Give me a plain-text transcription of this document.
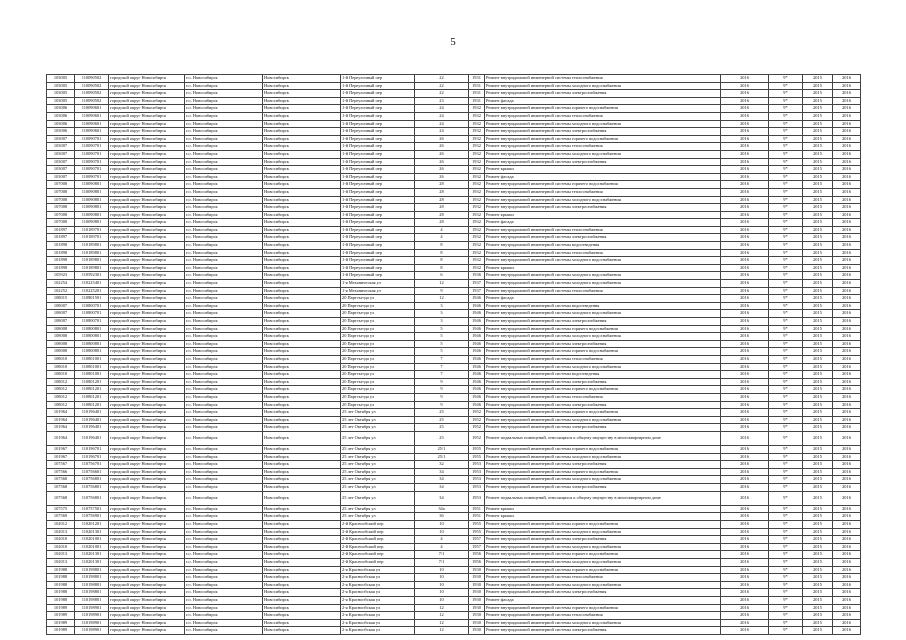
5
103005	110090502	городской округ Новосибирск	г.о. Новосибирск	Новосибирск	1-й Переулочный пер	22	1931	Ремонт внутридомовой инженерной системы теплоснабжения	2016	9*	2015	2016
103005	110090502	городской округ Новосибирск	г.о. Новосибирск	Новосибирск	1-й Переулочный пер	22	1931	Ремонт внутридомовой инженерной системы холодного водоснабжения	2016	9*	2015	2016
103005	110090502	городской округ Новосибирск	г.о. Новосибирск	Новосибирск	1-й Переулочный пер	22	1931	Ремонт внутридомовой инженерной системы электроснабжения	2016	9*	2015	2016
103005	110090502	городской округ Новосибирск	г.о. Новосибирск	Новосибирск	1-й Переулочный пер	23	1931	Ремонт фасада	2016	9*	2015	2016
103006	110090601	городской округ Новосибирск	г.о. Новосибирск	Новосибирск	1-й Переулочный пер	24	1932	Ремонт внутридомовой инженерной системы горячего водоснабжения	2016	9*	2015	2016
103006	110090601	городской округ Новосибирск	г.о. Новосибирск	Новосибирск	1-й Переулочный пер	24	1932	Ремонт внутридомовой инженерной системы теплоснабжения	2016	9*	2015	2016
103006	110090601	городской округ Новосибирск	г.о. Новосибирск	Новосибирск	1-й Переулочный пер	24	1932	Ремонт внутридомовой инженерной системы холодного водоснабжения	2016	9*	2015	2016
103006	110090601	городской округ Новосибирск	г.о. Новосибирск	Новосибирск	1-й Переулочный пер	24	1932	Ремонт внутридомовой инженерной системы электроснабжения	2016	9*	2015	2016
103007	110090701	городской округ Новосибирск	г.о. Новосибирск	Новосибирск	1-й Переулочный пер	26	1932	Ремонт внутридомовой инженерной системы горячего водоснабжения	2016	9*	2015	2016
103007	110090701	городской округ Новосибирск	г.о. Новосибирск	Новосибирск	1-й Переулочный пер	26	1932	Ремонт внутридомовой инженерной системы теплоснабжения	2016	9*	2015	2016
103007	110090701	городской округ Новосибирск	г.о. Новосибирск	Новосибирск	1-й Переулочный пер	26	1932	Ремонт внутридомовой инженерной системы холодного водоснабжения	2016	9*	2015	2016
103007	110090701	городской округ Новосибирск	г.о. Новосибирск	Новосибирск	1-й Переулочный пер	26	1932	Ремонт внутридомовой инженерной системы электроснабжения	2016	9*	2015	2016
103007	110090701	городской округ Новосибирск	г.о. Новосибирск	Новосибирск	1-й Переулочный пер	26	1932	Ремонт крыши	2016	9*	2015	2016
103007	110090701	городской округ Новосибирск	г.о. Новосибирск	Новосибирск	1-й Переулочный пер	26	1932	Ремонт фасада	2016	9*	2015	2016
107008	110090801	городской округ Новосибирск	г.о. Новосибирск	Новосибирск	1-й Переулочный пер	28	1932	Ремонт внутридомовой инженерной системы горячего водоснабжения	2016	9*	2015	2016
107008	110090801	городской округ Новосибирск	г.о. Новосибирск	Новосибирск	1-й Переулочный пер	28	1932	Ремонт внутридомовой инженерной системы теплоснабжения	2016	9*	2015	2016
107008	110090801	городской округ Новосибирск	г.о. Новосибирск	Новосибирск	1-й Переулочный пер	28	1932	Ремонт внутридомовой инженерной системы холодного водоснабжения	2016	9*	2015	2016
107008	110090801	городской округ Новосибирск	г.о. Новосибирск	Новосибирск	1-й Переулочный пер	28	1932	Ремонт внутридомовой инженерной системы электроснабжения	2016	9*	2015	2016
107008	110090801	городской округ Новосибирск	г.о. Новосибирск	Новосибирск	1-й Переулочный пер	28	1932	Ремонт крыши	2016	9*	2015	2016
107008	110090801	городской округ Новосибирск	г.о. Новосибирск	Новосибирск	1-й Переулочный пер	28	1932	Ремонт фасада	2016	9*	2015	2016
101897	110189701	городской округ Новосибирск	г.о. Новосибирск	Новосибирск	1-й Переулочный пер	4	1932	Ремонт внутридомовой инженерной системы теплоснабжения	2016	9*	2015	2016
101897	110189701	городской округ Новосибирск	г.о. Новосибирск	Новосибирск	1-й Переулочный пер	4	1932	Ремонт внутридомовой инженерной системы электроснабжения	2016	9*	2015	2016
101898	110189801	городской округ Новосибирск	г.о. Новосибирск	Новосибирск	1-й Переулочный пер	8	1932	Ремонт внутридомовой инженерной системы водоотведения	2016	9*	2015	2016
101898	110189801	городской округ Новосибирск	г.о. Новосибирск	Новосибирск	1-й Переулочный пер	8	1932	Ремонт внутридомовой инженерной системы теплоснабжения	2016	9*	2015	2016
101898	110189801	городской округ Новосибирск	г.о. Новосибирск	Новосибирск	1-й Переулочный пер	8	1932	Ремонт внутридомовой инженерной системы холодного водоснабжения	2016	9*	2015	2016
101898	110189801	городской округ Новосибирск	г.о. Новосибирск	Новосибирск	1-й Переулочный пер	8	1932	Ремонт крыши	2016	9*	2015	2016
105923	110592301	городской округ Новосибирск	г.о. Новосибирск	Новосибирск	1-й Переулочный пер	6	1936	Ремонт внутридомовой инженерной системы холодного водоснабжения	2016	9*	2015	2016
102254	110225401	городской округ Новосибирск	г.о. Новосибирск	Новосибирск	1-я Механическая ул	12	1937	Ремонт внутридомовой инженерной системы холодного водоснабжения	2016	9*	2015	2016
102252	110225201	городской округ Новосибирск	г.о. Новосибирск	Новосибирск	1-я Механическая ул	9	1937	Ремонт внутридомовой инженерной системы теплоснабжения	2016	9*	2015	2016
108015	110801501	городской округ Новосибирск	г.о. Новосибирск	Новосибирск	20 Партсъезда ул	12	1946	Ремонт фасада	2016	9*	2015	2016
108007	110800701	городской округ Новосибирск	г.о. Новосибирск	Новосибирск	20 Партсъезда ул	3	1946	Ремонт внутридомовой инженерной системы водоотведения	2016	9*	2015	2016
108007	110800701	городской округ Новосибирск	г.о. Новосибирск	Новосибирск	20 Партсъезда ул	3	1946	Ремонт внутридомовой инженерной системы холодного водоснабжения	2016	9*	2015	2016
108007	110800701	городской округ Новосибирск	г.о. Новосибирск	Новосибирск	20 Партсъезда ул	3	1946	Ремонт внутридомовой инженерной системы электроснабжения	2016	9*	2015	2016
108008	110800801	городской округ Новосибирск	г.о. Новосибирск	Новосибирск	20 Партсъезда ул	5	1946	Ремонт внутридомовой инженерной системы горячего водоснабжения	2016	9*	2015	2016
108008	110800801	городской округ Новосибирск	г.о. Новосибирск	Новосибирск	20 Партсъезда ул	5	1946	Ремонт внутридомовой инженерной системы холодного водоснабжения	2016	9*	2015	2016
108008	110800801	городской округ Новосибирск	г.о. Новосибирск	Новосибирск	20 Партсъезда ул	5	1946	Ремонт внутридомовой инженерной системы электроснабжения	2016	9*	2015	2016
108008	110800801	городской округ Новосибирск	г.о. Новосибирск	Новосибирск	20 Партсъезда ул	5	1946	Ремонт внутридомовой инженерной системы горячего водоснабжения	2016	9*	2015	2016
108010	110801001	городской округ Новосибирск	г.о. Новосибирск	Новосибирск	20 Партсъезда ул	7	1946	Ремонт внутридомовой инженерной системы теплоснабжения	2016	9*	2015	2016
108010	110801001	городской округ Новосибирск	г.о. Новосибирск	Новосибирск	20 Партсъезда ул	7	1946	Ремонт внутридомовой инженерной системы холодного водоснабжения	2016	9*	2015	2016
108010	110801001	городской округ Новосибирск	г.о. Новосибирск	Новосибирск	20 Партсъезда ул	7	1946	Ремонт внутридомовой инженерной системы водоотведения	2016	9*	2015	2016
108012	110801201	городской округ Новосибирск	г.о. Новосибирск	Новосибирск	20 Партсъезда ул	9	1946	Ремонт внутридомовой инженерной системы электроснабжения	2016	9*	2015	2016
108012	110801201	городской округ Новосибирск	г.о. Новосибирск	Новосибирск	20 Партсъезда ул	9	1946	Ремонт внутридомовой инженерной системы горячего водоснабжения	2016	9*	2015	2016
108012	110801201	городской округ Новосибирск	г.о. Новосибирск	Новосибирск	20 Партсъезда ул	9	1946	Ремонт внутридомовой инженерной системы теплоснабжения	2016	9*	2015	2016
108012	110801201	городской округ Новосибирск	г.о. Новосибирск	Новосибирск	20 Партсъезда ул	9	1946	Ремонт внутридомовой инженерной системы электроснабжения	2016	9*	2015	2016
101964	110196401	городской округ Новосибирск	г.о. Новосибирск	Новосибирск	25 лет Октября ул	25	1952	Ремонт внутридомовой инженерной системы горячего водоснабжения	2016	9*	2015	2016
101964	110196401	городской округ Новосибирск	г.о. Новосибирск	Новосибирск	25 лет Октября ул	25	1952	Ремонт внутридомовой инженерной системы холодного водоснабжения	2016	9*	2015	2016
101964	110196401	городской округ Новосибирск	г.о. Новосибирск	Новосибирск	25 лет Октября ул	25	1952	Ремонт внутридомовой инженерной системы электроснабжения	2016	9*	2015	2016
101964	110196401	городской округ Новосибирск	г.о. Новосибирск	Новосибирск	25 лет Октября ул	25	1952	Ремонт подвальных помещений, относящихся к общему имуществу в многоквартирном доме	2016	9*	2015	2016
101967	110196701	городской округ Новосибирск	г.о. Новосибирск	Новосибирск	25 лет Октября ул	25/1	1955	Ремонт внутридомовой инженерной системы горячего водоснабжения	2016	9*	2015	2016
101967	110196701	городской округ Новосибирск	г.о. Новосибирск	Новосибирск	25 лет Октября ул	25/1	1955	Ремонт внутридомовой инженерной системы холодного водоснабжения	2016	9*	2015	2016
107567	110756701	городской округ Новосибирск	г.о. Новосибирск	Новосибирск	25 лет Октября ул	32	1953	Ремонт внутридомовой инженерной системы электроснабжения	2016	9*	2015	2016
107566	110756601	городской округ Новосибирск	г.о. Новосибирск	Новосибирск	25 лет Октября ул	34	1953	Ремонт внутридомовой инженерной системы горячего водоснабжения	2016	9*	2015	2016
107568	110756801	городской округ Новосибирск	г.о. Новосибирск	Новосибирск	25 лет Октября ул	34	1953	Ремонт внутридомовой инженерной системы холодного водоснабжения	2016	9*	2015	2016
107568	110756801	городской округ Новосибирск	г.о. Новосибирск	Новосибирск	25 лет Октября ул	34	1953	Ремонт внутридомовой инженерной системы электроснабжения	2016	9*	2015	2016
107568	110756801	городской округ Новосибирск	г.о. Новосибирск	Новосибирск	25 лет Октября ул	34	1953	Ремонт подвальных помещений, относящихся к общему имуществу в многоквартирном доме	2016	9*	2015	2016
107575	110757501	городской округ Новосибирск	г.о. Новосибирск	Новосибирск	25 лет Октября ул	34а	1951	Ремонт крыши	2016	9*	2015	2016
107569	110756901	городской округ Новосибирск	г.о. Новосибирск	Новосибирск	25 лет Октября ул	36	1951	Ремонт крыши	2016	9*	2015	2016
102012	110201201	городской округ Новосибирск	г.о. Новосибирск	Новосибирск	2-й Краснообский пер	10	1955	Ремонт внутридомовой инженерной системы горячего водоснабжения	2016	9*	2015	2016
102013	110201301	городской округ Новосибирск	г.о. Новосибирск	Новосибирск	2-й Краснообский пер	10	1955	Ремонт внутридомовой инженерной системы холодного водоснабжения	2016	9*	2015	2016
102010	110201001	городской округ Новосибирск	г.о. Новосибирск	Новосибирск	2-й Краснообский пер	4	1957	Ремонт внутридомовой инженерной системы электроснабжения	2016	9*	2015	2016
102010	110201001	городской округ Новосибирск	г.о. Новосибирск	Новосибирск	2-й Краснообский пер	4	1957	Ремонт внутридомовой инженерной системы холодного водоснабжения	2016	9*	2015	2016
102013	110201301	городской округ Новосибирск	г.о. Новосибирск	Новосибирск	2-й Краснообский пер	7/1	1956	Ремонт внутридомовой инженерной системы горячего водоснабжения	2016	9*	2015	2016
102013	110201301	городской округ Новосибирск	г.о. Новосибирск	Новосибирск	2-й Краснообский пер	7/1	1956	Ремонт внутридомовой инженерной системы холодного водоснабжения	2016	9*	2015	2016
101988	110198801	городской округ Новосибирск	г.о. Новосибирск	Новосибирск	2-я Краснообская ул	10	1930	Ремонт внутридомовой инженерной системы горячего водоснабжения	2016	9*	2015	2016
101988	110198801	городской округ Новосибирск	г.о. Новосибирск	Новосибирск	2-я Краснообская ул	10	1930	Ремонт внутридомовой инженерной системы теплоснабжения	2016	9*	2015	2016
101988	110198801	городской округ Новосибирск	г.о. Новосибирск	Новосибирск	2-я Краснообская ул	10	1930	Ремонт внутридомовой инженерной системы холодного водоснабжения	2016	9*	2015	2016
101988	110198801	городской округ Новосибирск	г.о. Новосибирск	Новосибирск	2-я Краснообская ул	10	1930	Ремонт внутридомовой инженерной системы электроснабжения	2016	9*	2015	2016
101988	110198801	городской округ Новосибирск	г.о. Новосибирск	Новосибирск	2-я Краснообская ул	10	1930	Ремонт фасада	2016	9*	2015	2016
101989	110198901	городской округ Новосибирск	г.о. Новосибирск	Новосибирск	2-я Краснообская ул	12	1930	Ремонт внутридомовой инженерной системы горячего водоснабжения	2016	9*	2015	2016
101989	110198901	городской округ Новосибирск	г.о. Новосибирск	Новосибирск	2-я Краснообская ул	12	1930	Ремонт внутридомовой инженерной системы теплоснабжения	2016	9*	2015	2016
101989	110198901	городской округ Новосибирск	г.о. Новосибирск	Новосибирск	2-я Краснообская ул	12	1930	Ремонт внутридомовой инженерной системы холодного водоснабжения	2016	9*	2015	2016
101989	110198901	городской округ Новосибирск	г.о. Новосибирск	Новосибирск	2-я Краснообская ул	12	1930	Ремонт внутридомовой инженерной системы электроснабжения	2016	9*	2015	2016
